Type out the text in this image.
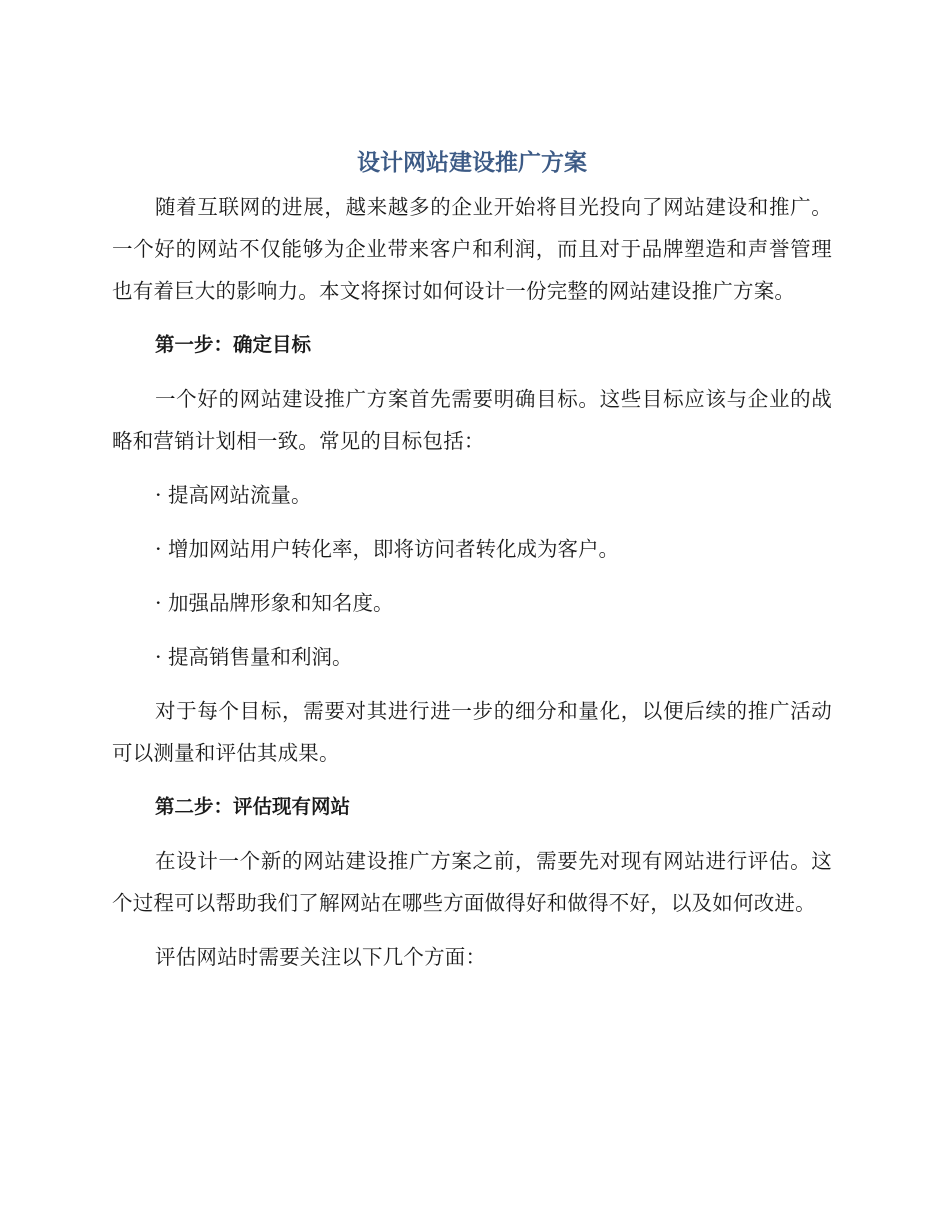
设计网站建设推广方案

随着互联网的进展，越来越多的企业开始将目光投向了网站建设和推广。一个好的网站不仅能够为企业带来客户和利润，而且对于品牌塑造和声誉管理也有着巨大的影响力。本文将探讨如何设计一份完整的网站建设推广方案。

第一步：确定目标

一个好的网站建设推广方案首先需要明确目标。这些目标应该与企业的战略和营销计划相一致。常见的目标包括：

· 提高网站流量。

· 增加网站用户转化率，即将访问者转化成为客户。

· 加强品牌形象和知名度。

· 提高销售量和利润。

对于每个目标，需要对其进行进一步的细分和量化，以便后续的推广活动可以测量和评估其成果。

第二步：评估现有网站

在设计一个新的网站建设推广方案之前，需要先对现有网站进行评估。这个过程可以帮助我们了解网站在哪些方面做得好和做得不好，以及如何改进。

评估网站时需要关注以下几个方面：
